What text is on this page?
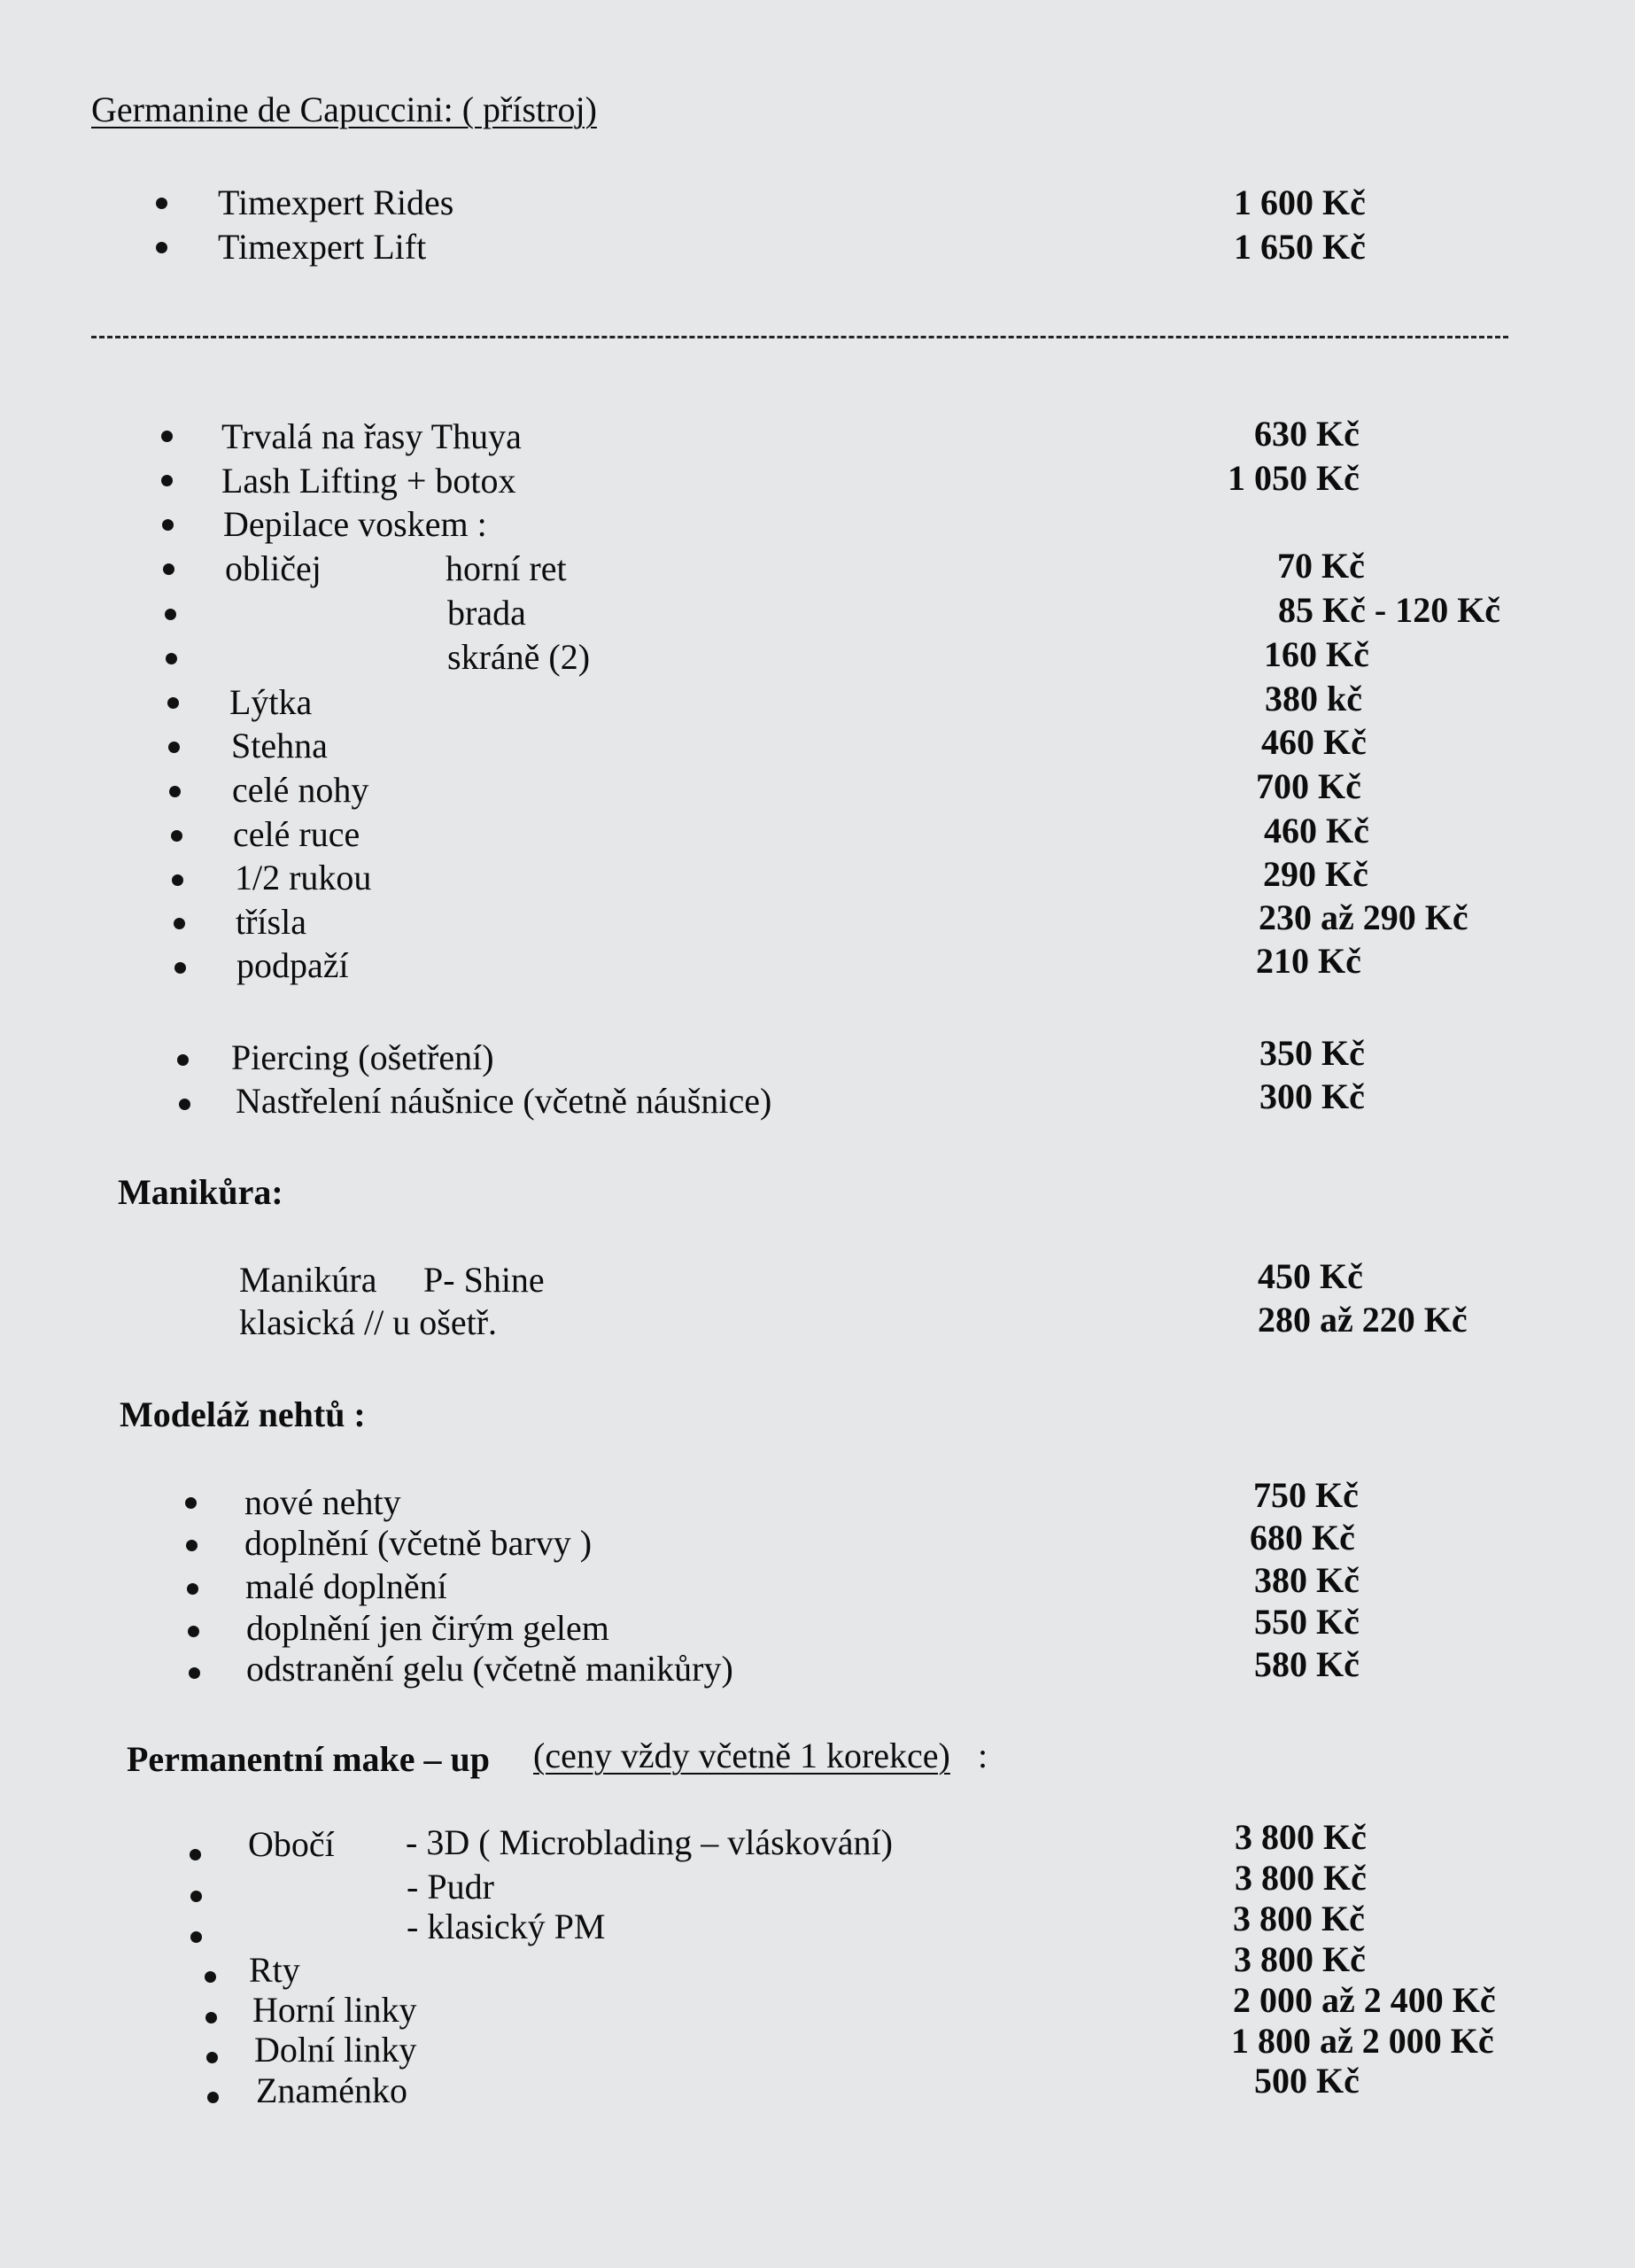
Germanine de Capuccini: ( přístroj)
Timexpert Rides	1 600 Kč
Timexpert Lift	1 650 Kč
Trvalá na řasy Thuya	630 Kč
Lash Lifting + botox	1 050 Kč
Depilace voskem :
obličej	horní ret	70 Kč
brada	85 Kč - 120 Kč
skráně (2)	160 Kč
Lýtka	380 kč
Stehna	460 Kč
celé nohy	700 Kč
celé ruce	460 Kč
1/2 rukou	290 Kč
třísla	230 až 290 Kč
podpaží	210 Kč
Piercing (ošetření)	350 Kč
Nastřelení náušnice (včetně náušnice)	300 Kč
Manikůra:
Manikúra P- Shine	450 Kč
klasická // u ošetř.	280 až 220 Kč
Modeláž nehtů :
nové nehty	750 Kč
doplnění (včetně barvy )	680 Kč
malé doplnění	380 Kč
doplnění jen čirým gelem	550 Kč
odstranění gelu (včetně manikůry)	580 Kč
Permanentní make – up (ceny vždy včetně 1 korekce) :
Obočí - 3D ( Microblading – vláskování)	3 800 Kč
- Pudr	3 800 Kč
- klasický PM	3 800 Kč
Rty	3 800 Kč
Horní linky	2 000 až 2 400 Kč
Dolní linky	1 800 až 2 000 Kč
Znaménko	500 Kč
